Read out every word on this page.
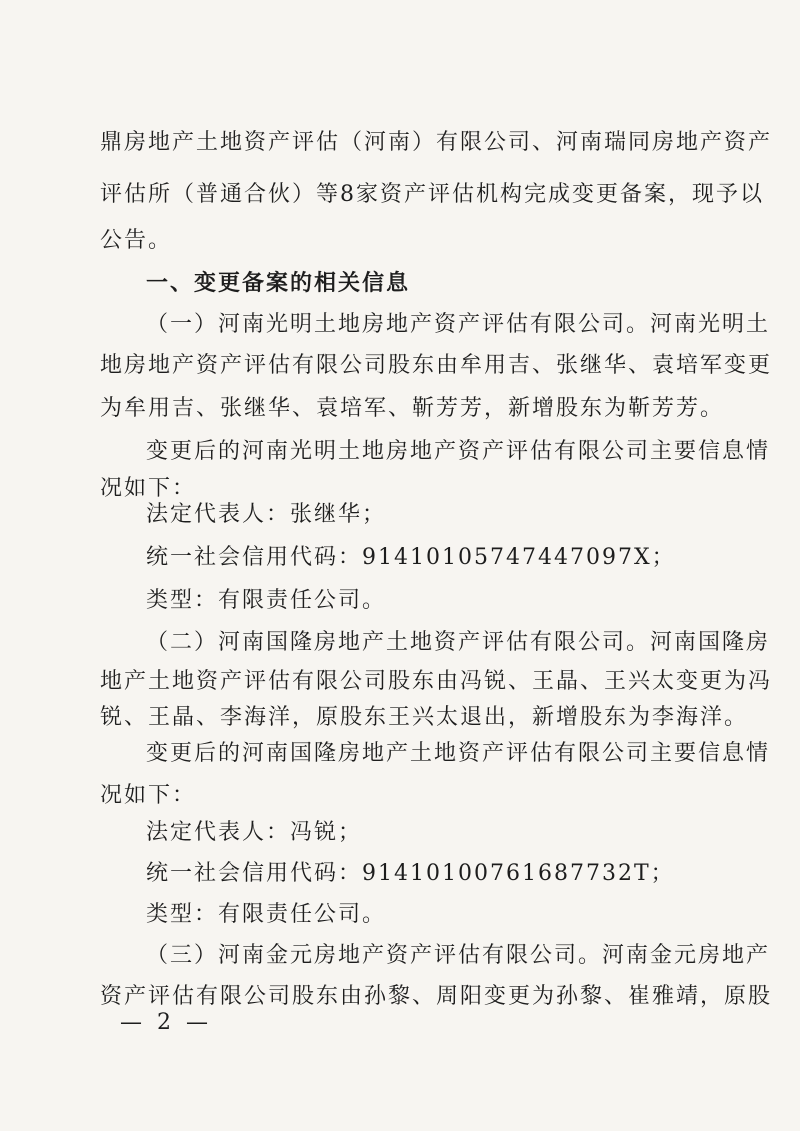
鼎房地产土地资产评估（河南）有限公司、河南瑞同房地产资产
评估所（普通合伙）等8家资产评估机构完成变更备案，现予以
公告。
一、变更备案的相关信息
（一）河南光明土地房地产资产评估有限公司。河南光明土
地房地产资产评估有限公司股东由牟用吉、张继华、袁培军变更
为牟用吉、张继华、袁培军、靳芳芳，新增股东为靳芳芳。
变更后的河南光明土地房地产资产评估有限公司主要信息情
况如下：
法定代表人：张继华；
统一社会信用代码：91410105747447097X；
类型：有限责任公司。
（二）河南国隆房地产土地资产评估有限公司。河南国隆房
地产土地资产评估有限公司股东由冯锐、王晶、王兴太变更为冯
锐、王晶、李海洋，原股东王兴太退出，新增股东为李海洋。
变更后的河南国隆房地产土地资产评估有限公司主要信息情
况如下：
法定代表人：冯锐；
统一社会信用代码：91410100761687732T；
类型：有限责任公司。
（三）河南金元房地产资产评估有限公司。河南金元房地产
资产评估有限公司股东由孙黎、周阳变更为孙黎、崔雅靖，原股
— 2 —
